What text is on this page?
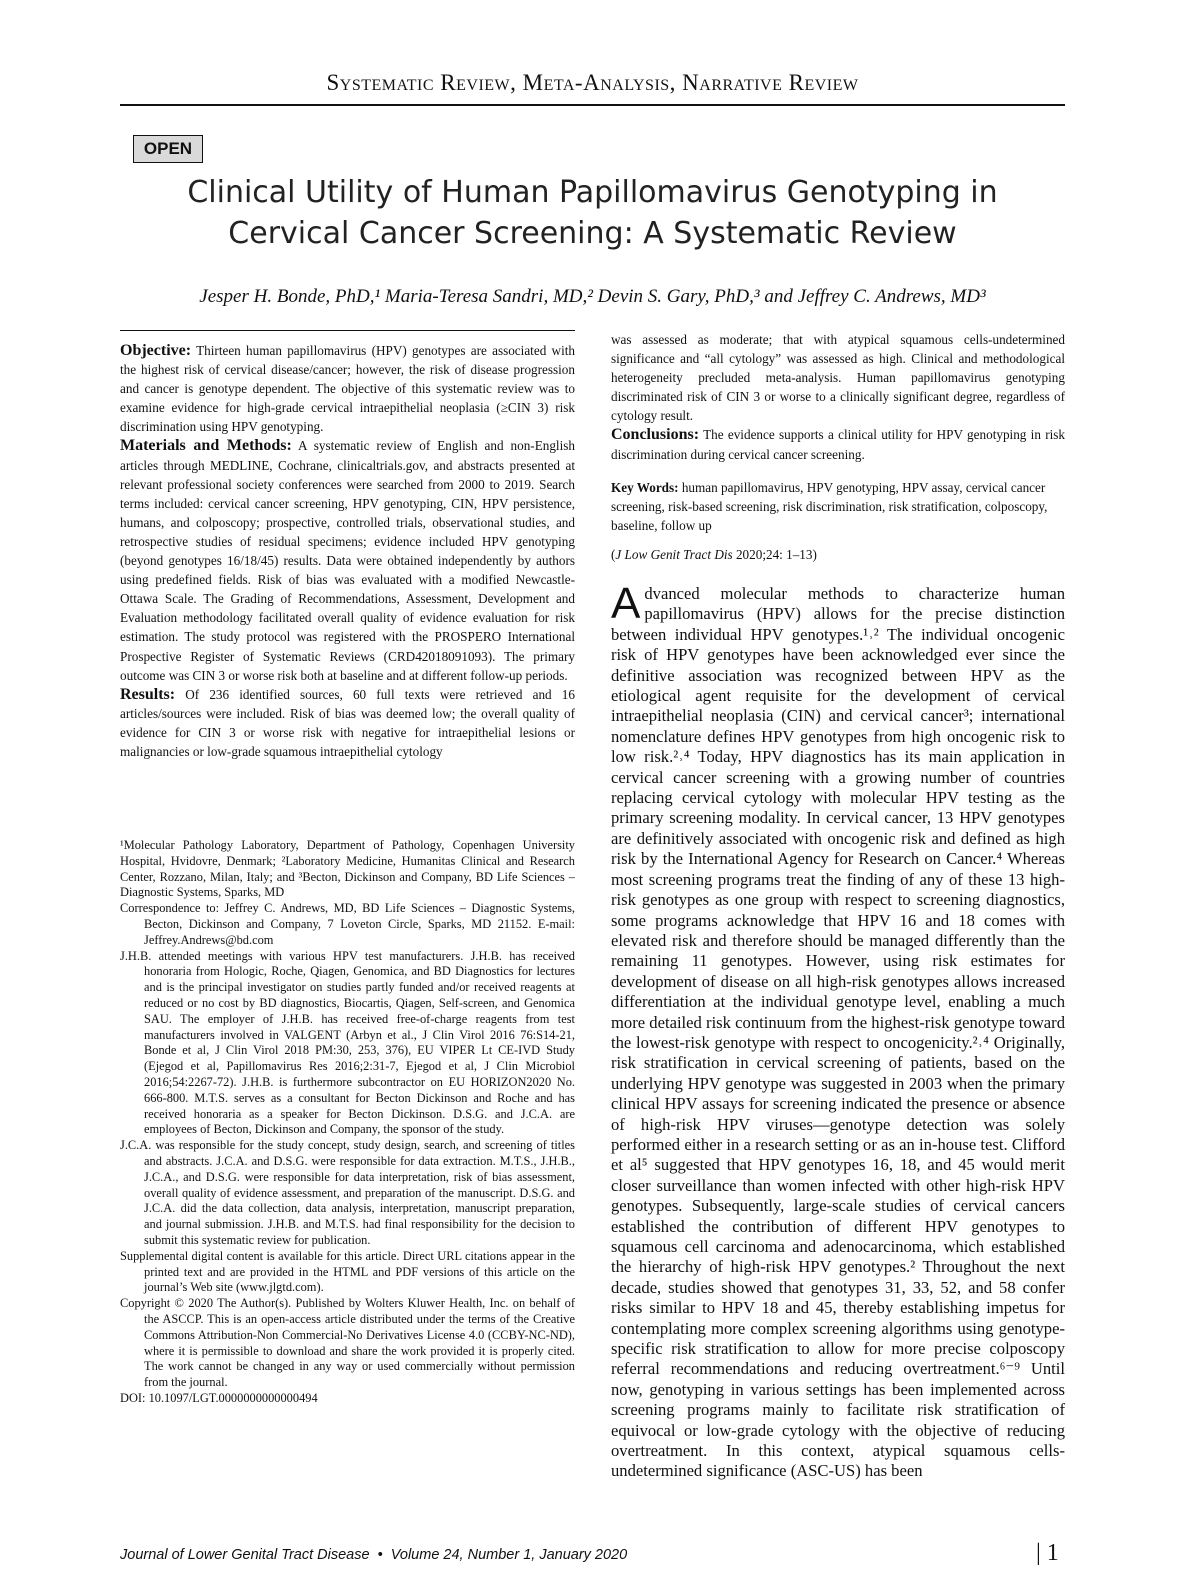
Systematic Review, Meta-Analysis, Narrative Review
OPEN
Clinical Utility of Human Papillomavirus Genotyping in
Cervical Cancer Screening: A Systematic Review
Jesper H. Bonde, PhD,¹ Maria-Teresa Sandri, MD,² Devin S. Gary, PhD,³ and Jeffrey C. Andrews, MD³
Objective: Thirteen human papillomavirus (HPV) genotypes are associated with the highest risk of cervical disease/cancer; however, the risk of disease progression and cancer is genotype dependent. The objective of this systematic review was to examine evidence for high-grade cervical intraepithelial neoplasia (≥CIN 3) risk discrimination using HPV genotyping.
Materials and Methods: A systematic review of English and non-English articles through MEDLINE, Cochrane, clinicaltrials.gov, and abstracts presented at relevant professional society conferences were searched from 2000 to 2019. Search terms included: cervical cancer screening, HPV genotyping, CIN, HPV persistence, humans, and colposcopy; prospective, controlled trials, observational studies, and retrospective studies of residual specimens; evidence included HPV genotyping (beyond genotypes 16/18/45) results. Data were obtained independently by authors using predefined fields. Risk of bias was evaluated with a modified Newcastle-Ottawa Scale. The Grading of Recommendations, Assessment, Development and Evaluation methodology facilitated overall quality of evidence evaluation for risk estimation. The study protocol was registered with the PROSPERO International Prospective Register of Systematic Reviews (CRD42018091093). The primary outcome was CIN 3 or worse risk both at baseline and at different follow-up periods.
Results: Of 236 identified sources, 60 full texts were retrieved and 16 articles/sources were included. Risk of bias was deemed low; the overall quality of evidence for CIN 3 or worse risk with negative for intraepithelial lesions or malignancies or low-grade squamous intraepithelial cytology

¹Molecular Pathology Laboratory, Department of Pathology, Copenhagen University Hospital, Hvidovre, Denmark; ²Laboratory Medicine, Humanitas Clinical and Research Center, Rozzano, Milan, Italy; and ³Becton, Dickinson and Company, BD Life Sciences – Diagnostic Systems, Sparks, MD

Correspondence to: Jeffrey C. Andrews, MD, BD Life Sciences – Diagnostic Systems, Becton, Dickinson and Company, 7 Loveton Circle, Sparks, MD 21152. E-mail: Jeffrey.Andrews@bd.com

J.H.B. attended meetings with various HPV test manufacturers. J.H.B. has received honoraria from Hologic, Roche, Qiagen, Genomica, and BD Diagnostics for lectures and is the principal investigator on studies partly funded and/or received reagents at reduced or no cost by BD diagnostics, Biocartis, Qiagen, Self-screen, and Genomica SAU. The employer of J.H.B. has received free-of-charge reagents from test manufacturers involved in VALGENT (Arbyn et al., J Clin Virol 2016 76:S14-21, Bonde et al, J Clin Virol 2018 PM:30, 253, 376), EU VIPER Lt CE-IVD Study (Ejegod et al, Papillomavirus Res 2016;2:31-7, Ejegod et al, J Clin Microbiol 2016;54:2267-72). J.H.B. is furthermore subcontractor on EU HORIZON2020 No. 666-800. M.T.S. serves as a consultant for Becton Dickinson and Roche and has received honoraria as a speaker for Becton Dickinson. D.S.G. and J.C.A. are employees of Becton, Dickinson and Company, the sponsor of the study.

J.C.A. was responsible for the study concept, study design, search, and screening of titles and abstracts. J.C.A. and D.S.G. were responsible for data extraction. M.T.S., J.H.B., J.C.A., and D.S.G. were responsible for data interpretation, risk of bias assessment, overall quality of evidence assessment, and preparation of the manuscript. D.S.G. and J.C.A. did the data collection, data analysis, interpretation, manuscript preparation, and journal submission. J.H.B. and M.T.S. had final responsibility for the decision to submit this systematic review for publication.

Supplemental digital content is available for this article. Direct URL citations appear in the printed text and are provided in the HTML and PDF versions of this article on the journal’s Web site (www.jlgtd.com).

Copyright © 2020 The Author(s). Published by Wolters Kluwer Health, Inc. on behalf of the ASCCP. This is an open-access article distributed under the terms of the Creative Commons Attribution-Non Commercial-No Derivatives License 4.0 (CCBY-NC-ND), where it is permissible to download and share the work provided it is properly cited. The work cannot be changed in any way or used commercially without permission from the journal.

DOI: 10.1097/LGT.0000000000000494

was assessed as moderate; that with atypical squamous cells-undetermined significance and “all cytology” was assessed as high. Clinical and methodological heterogeneity precluded meta-analysis. Human papillomavirus genotyping discriminated risk of CIN 3 or worse to a clinically significant degree, regardless of cytology result.
Conclusions: The evidence supports a clinical utility for HPV genotyping in risk discrimination during cervical cancer screening.
Key Words: human papillomavirus, HPV genotyping, HPV assay, cervical cancer screening, risk-based screening, risk discrimination, risk stratification, colposcopy, baseline, follow up
(J Low Genit Tract Dis 2020;24: 1–13)
A dvanced molecular methods to characterize human papillomavirus (HPV) allows for the precise distinction between individual HPV genotypes.¹˒² The individual oncogenic risk of HPV genotypes have been acknowledged ever since the definitive association was recognized between HPV as the etiological agent requisite for the development of cervical intraepithelial neoplasia (CIN) and cervical cancer³; international nomenclature defines HPV genotypes from high oncogenic risk to low risk.²˒⁴ Today, HPV diagnostics has its main application in cervical cancer screening with a growing number of countries replacing cervical cytology with molecular HPV testing as the primary screening modality. In cervical cancer, 13 HPV genotypes are definitively associated with oncogenic risk and defined as high risk by the International Agency for Research on Cancer.⁴ Whereas most screening programs treat the finding of any of these 13 high-risk genotypes as one group with respect to screening diagnostics, some programs acknowledge that HPV 16 and 18 comes with elevated risk and therefore should be managed differently than the remaining 11 genotypes. However, using risk estimates for development of disease on all high-risk genotypes allows increased differentiation at the individual genotype level, enabling a much more detailed risk continuum from the highest-risk genotype toward the lowest-risk genotype with respect to oncogenicity.²˒⁴ Originally, risk stratification in cervical screening of patients, based on the underlying HPV genotype was suggested in 2003 when the primary clinical HPV assays for screening indicated the presence or absence of high-risk HPV viruses—genotype detection was solely performed either in a research setting or as an in-house test. Clifford et al⁵ suggested that HPV genotypes 16, 18, and 45 would merit closer surveillance than women infected with other high-risk HPV genotypes. Subsequently, large-scale studies of cervical cancers established the contribution of different HPV genotypes to squamous cell carcinoma and adenocarcinoma, which established the hierarchy of high-risk HPV genotypes.² Throughout the next decade, studies showed that genotypes 31, 33, 52, and 58 confer risks similar to HPV 18 and 45, thereby establishing impetus for contemplating more complex screening algorithms using genotype-specific risk stratification to allow for more precise colposcopy referral recommendations and reducing overtreatment.⁶⁻⁹ Until now, genotyping in various settings has been implemented across screening programs mainly to facilitate risk stratification of equivocal or low-grade cytology with the objective of reducing overtreatment. In this context, atypical squamous cells-undetermined significance (ASC-US) has been
Journal of Lower Genital Tract Disease  •  Volume 24, Number 1, January 2020	| 1
